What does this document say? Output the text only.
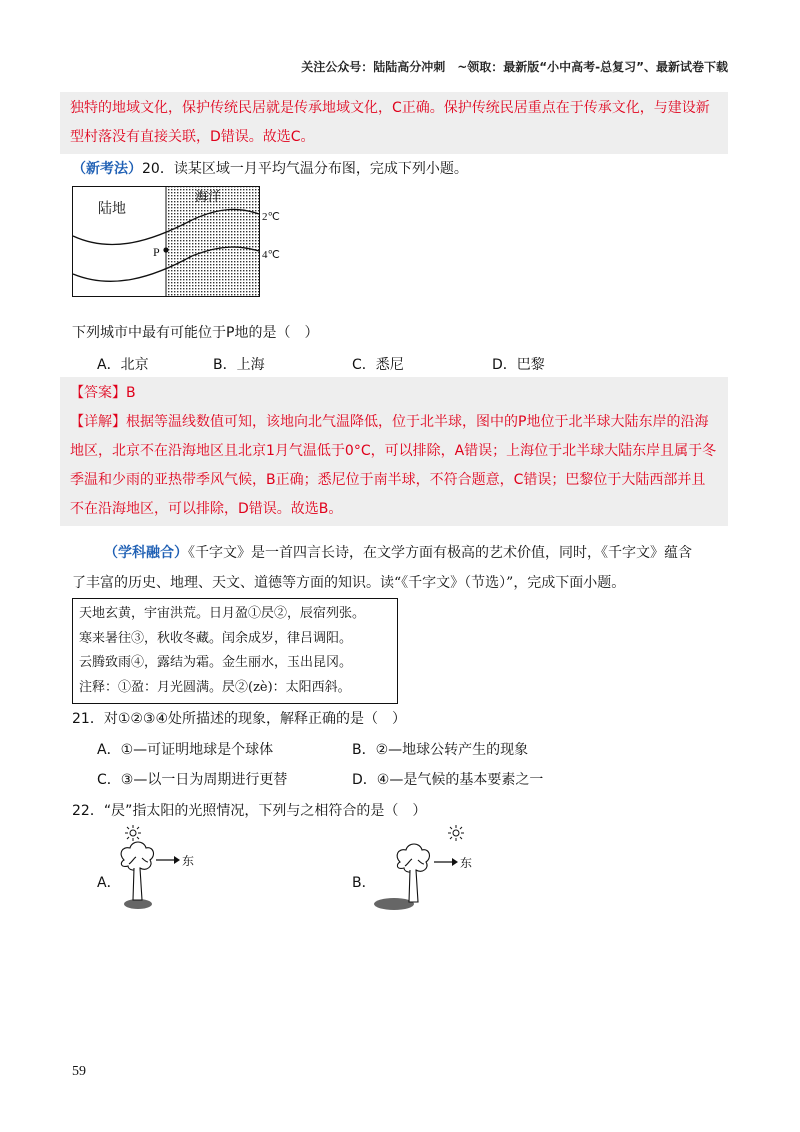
关注公众号：陆陆高分冲刺　~领取：最新版“小中高考-总复习”、最新试卷下载
独特的地域文化，保护传统民居就是传承地域文化，C正确。保护传统民居重点在于传承文化，与建设新
型村落没有直接关联，D错误。故选C。
（新考法）20．读某区域一月平均气温分布图，完成下列小题。
陆地
海洋
2℃
4℃
P
下列城市中最有可能位于P地的是（　）
A．北京	B．上海	C．悉尼	D．巴黎
【答案】B
【详解】根据等温线数值可知，该地向北气温降低，位于北半球，图中的P地位于北半球大陆东岸的沿海
地区，北京不在沿海地区且北京1月气温低于0°C，可以排除，A错误；上海位于北半球大陆东岸且属于冬
季温和少雨的亚热带季风气候，B正确；悉尼位于南半球，不符合题意，C错误；巴黎位于大陆西部并且
不在沿海地区，可以排除，D错误。故选B。
（学科融合）《千字文》是一首四言长诗，在文学方面有极高的艺术价值，同时，《千字文》蕴含
了丰富的历史、地理、天文、道德等方面的知识。读“《千字文》（节选）”，完成下面小题。
天地玄黄，宇宙洪荒。日月盈①昃②，辰宿列张。
寒来暑往③，秋收冬藏。闰余成岁，律吕调阳。
云腾致雨④，露结为霜。金生丽水，玉出昆冈。
注释：①盈：月光圆满。昃②(zè)：太阳西斜。
21．对①②③④处所描述的现象，解释正确的是（　）
A．①—可证明地球是个球体	B．②—地球公转产生的现象
C．③—以一日为周期进行更替	D．④—是气候的基本要素之一
22．“昃”指太阳的光照情况，下列与之相符合的是（　）
A．
东
B．
东
59
